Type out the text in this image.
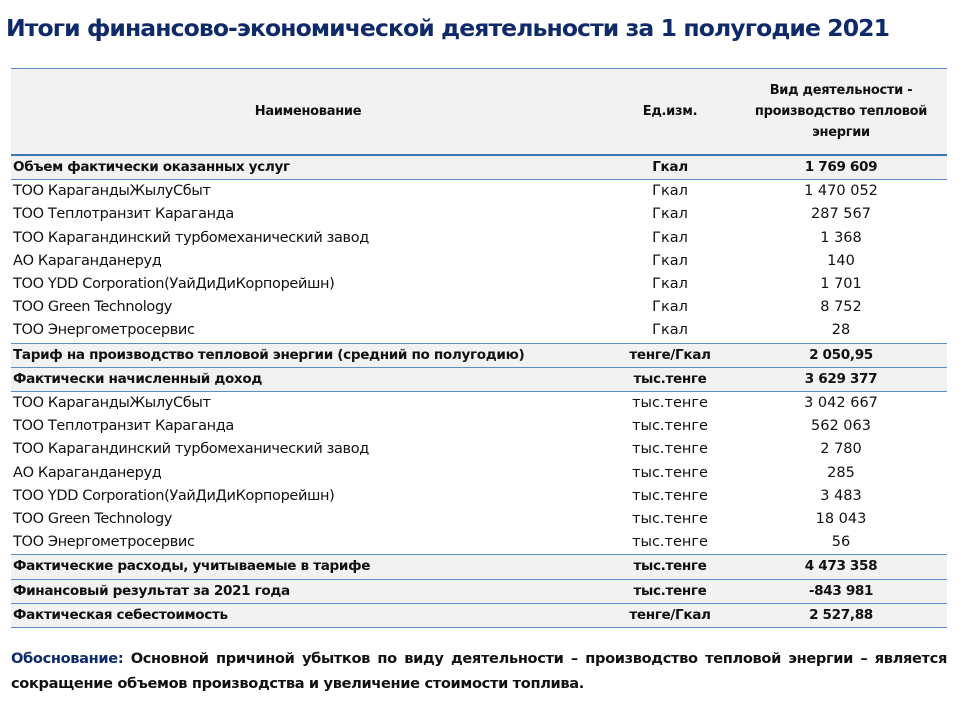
Итоги финансово-экономической деятельности за 1 полугодие 2021
Наименование	Ед.изм.	Вид деятельности - производство тепловой энергии
Объем фактически оказанных услуг	Гкал	1 769 609
ТОО КарагандыЖылуСбыт	Гкал	1 470 052
ТОО Теплотранзит Караганда	Гкал	287 567
ТОО Карагандинский турбомеханический завод	Гкал	1 368
АО Караганданеруд	Гкал	140
ТОО YDD Corporation(УайДиДиКорпорейшн)	Гкал	1 701
ТОО Green Technology	Гкал	8 752
ТОО Энергометросервис	Гкал	28
Тариф на производство тепловой энергии (средний по полугодию)	тенге/Гкал	2 050,95
Фактически начисленный доход	тыс.тенге	3 629 377
ТОО КарагандыЖылуСбыт	тыс.тенге	3 042 667
ТОО Теплотранзит Караганда	тыс.тенге	562 063
ТОО Карагандинский турбомеханический завод	тыс.тенге	2 780
АО Караганданеруд	тыс.тенге	285
ТОО YDD Corporation(УайДиДиКорпорейшн)	тыс.тенге	3 483
ТОО Green Technology	тыс.тенге	18 043
ТОО Энергометросервис	тыс.тенге	56
Фактические расходы, учитываемые в тарифе	тыс.тенге	4 473 358
Финансовый результат за 2021 года	тыс.тенге	-843 981
Фактическая себестоимость	тенге/Гкал	2 527,88
Обоснование: Основной причиной убытков по виду деятельности – производство тепловой энергии – является сокращение объемов производства и увеличение стоимости топлива.
